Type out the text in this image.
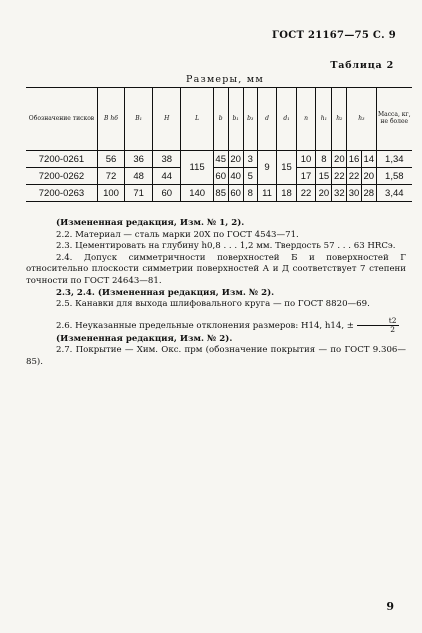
ГОСТ 21167—75 С. 9
Таблица 2
Размеры, мм
Обозначение тисков	B h6	B₁	H	L	b	b₁	b₃	d	d₁	n	h₁	h₂	h₃		Масса, кг, не более
7200-0261	56	36	38	115	45	20	3	9	15	10	8	20	16	14	1,34
7200-0262	72	48	44		60	40	5			17	15	22	22	20	1,58
7200-0263	100	71	60	140	85	60	8	11	18	22	20	32	30	28	3,44

(Измененная редакция, Изм. № 1, 2).

2.2. Материал — сталь марки 20Х по ГОСТ 4543—71.

2.3. Цементировать на глубину h0,8 . . . 1,2 мм. Твердость 57 . . . 63 HRCэ.

2.4. Допуск симметричности поверхностей Б и поверхностей Г относительно плоскости симметрии поверхностей А и Д соответствует 7 степени точности по ГОСТ 24643—81.

2.3, 2.4. (Измененная редакция, Изм. № 2).

2.5. Канавки для выхода шлифовального круга — по ГОСТ 8820—69.

2.6. Неуказанные предельные отклонения размеров: H14, h14, ± $\frac{t2}{2}$

(Измененная редакция, Изм. № 2).

2.7. Покрытие — Хим. Окс. прм (обозначение покрытия — по ГОСТ 9.306—85).

9
